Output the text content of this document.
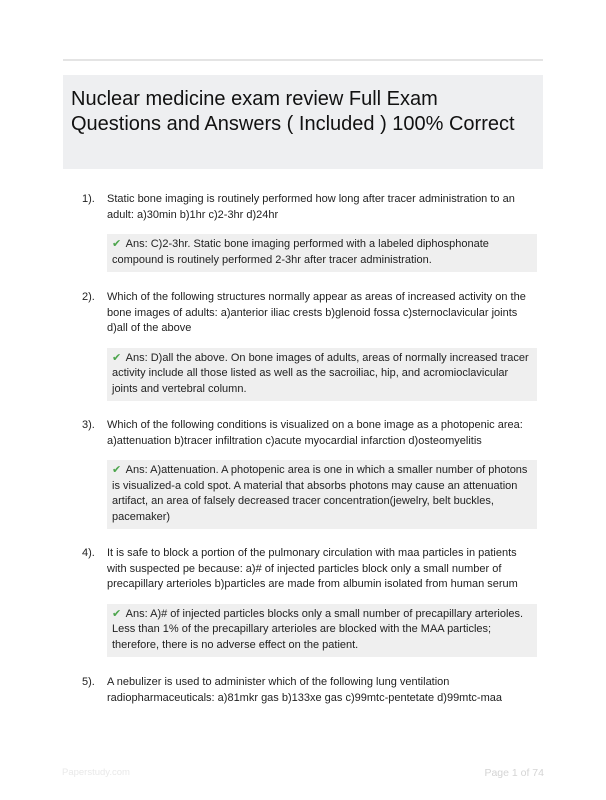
Nuclear medicine exam review Full Exam Questions and Answers ( Included ) 100% Correct
1).	Static bone imaging is routinely performed how long after tracer administration to an adult: a)30min b)1hr c)2-3hr d)24hr
✔ Ans: C)2-3hr. Static bone imaging performed with a labeled diphosphonate compound is routinely performed 2-3hr after tracer administration.
2).	Which of the following structures normally appear as areas of increased activity on the bone images of adults: a)anterior iliac crests b)glenoid fossa c)sternoclavicular joints d)all of the above
✔ Ans: D)all the above. On bone images of adults, areas of normally increased tracer activity include all those listed as well as the sacroiliac, hip, and acromioclavicular joints and vertebral column.
3).	Which of the following conditions is visualized on a bone image as a photopenic area: a)attenuation b)tracer infiltration c)acute myocardial infarction d)osteomyelitis
✔ Ans: A)attenuation. A photopenic area is one in which a smaller number of photons is visualized-a cold spot. A material that absorbs photons may cause an attenuation artifact, an area of falsely decreased tracer concentration(jewelry, belt buckles, pacemaker)
4).	It is safe to block a portion of the pulmonary circulation with maa particles in patients with suspected pe because: a)# of injected particles block only a small number of precapillary arterioles b)particles are made from albumin isolated from human serum
✔ Ans: A)# of injected particles blocks only a small number of precapillary arterioles. Less than 1% of the precapillary arterioles are blocked with the MAA particles; therefore, there is no adverse effect on the patient.
5).	A nebulizer is used to administer which of the following lung ventilation radiopharmaceuticals: a)81mkr gas b)133xe gas c)99mtc-pentetate d)99mtc-maa
Paperstudy.com	Page 1 of 74
